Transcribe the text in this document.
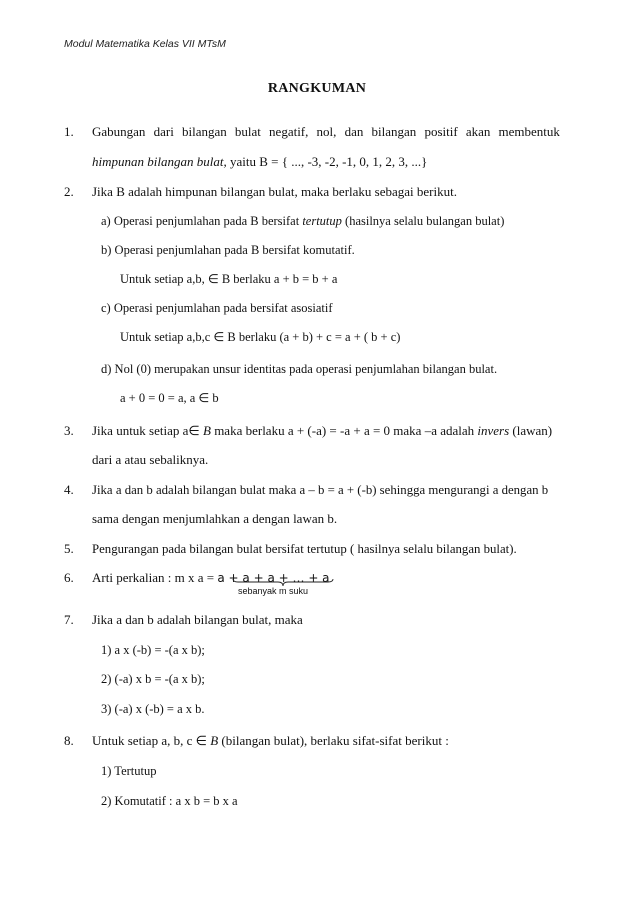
Modul Matematika Kelas VII MTsM
RANGKUMAN
1. Gabungan dari bilangan bulat negatif, nol, dan bilangan positif akan membentuk
himpunan bilangan bulat, yaitu B = { ..., -3, -2, -1, 0, 1, 2, 3, ...}
2. Jika B adalah himpunan bilangan bulat, maka berlaku sebagai berikut.
a) Operasi penjumlahan pada B bersifat tertutup (hasilnya selalu bulangan bulat)
b) Operasi penjumlahan pada B bersifat komutatif.
Untuk setiap a,b, ∈ B berlaku a + b = b + a
c) Operasi penjumlahan pada bersifat asosiatif
Untuk setiap a,b,c ∈ B berlaku (a + b) + c = a + ( b + c)
d) Nol (0) merupakan unsur identitas pada operasi penjumlahan bilangan bulat.
a + 0 = 0 = a, a ∈ b
3. Jika untuk setiap a∈ B maka berlaku a + (-a) = -a + a = 0 maka –a adalah invers (lawan)
dari a atau sebaliknya.
4. Jika a dan b adalah bilangan bulat maka a – b = a + (-b) sehingga mengurangi a dengan b
sama dengan menjumlahkan a dengan lawan b.
5. Pengurangan pada bilangan bulat bersifat tertutup ( hasilnya selalu bilangan bulat).
6. Arti perkalian : m x a = a + a + a + … + a
sebanyak m suku
7. Jika a dan b adalah bilangan bulat, maka
1) a x (-b) = -(a x b);
2) (-a) x b = -(a x b);
3) (-a) x (-b) = a x b.
8. Untuk setiap a, b, c ∈ B (bilangan bulat), berlaku sifat-sifat berikut :
1) Tertutup
2) Komutatif : a x b = b x a
